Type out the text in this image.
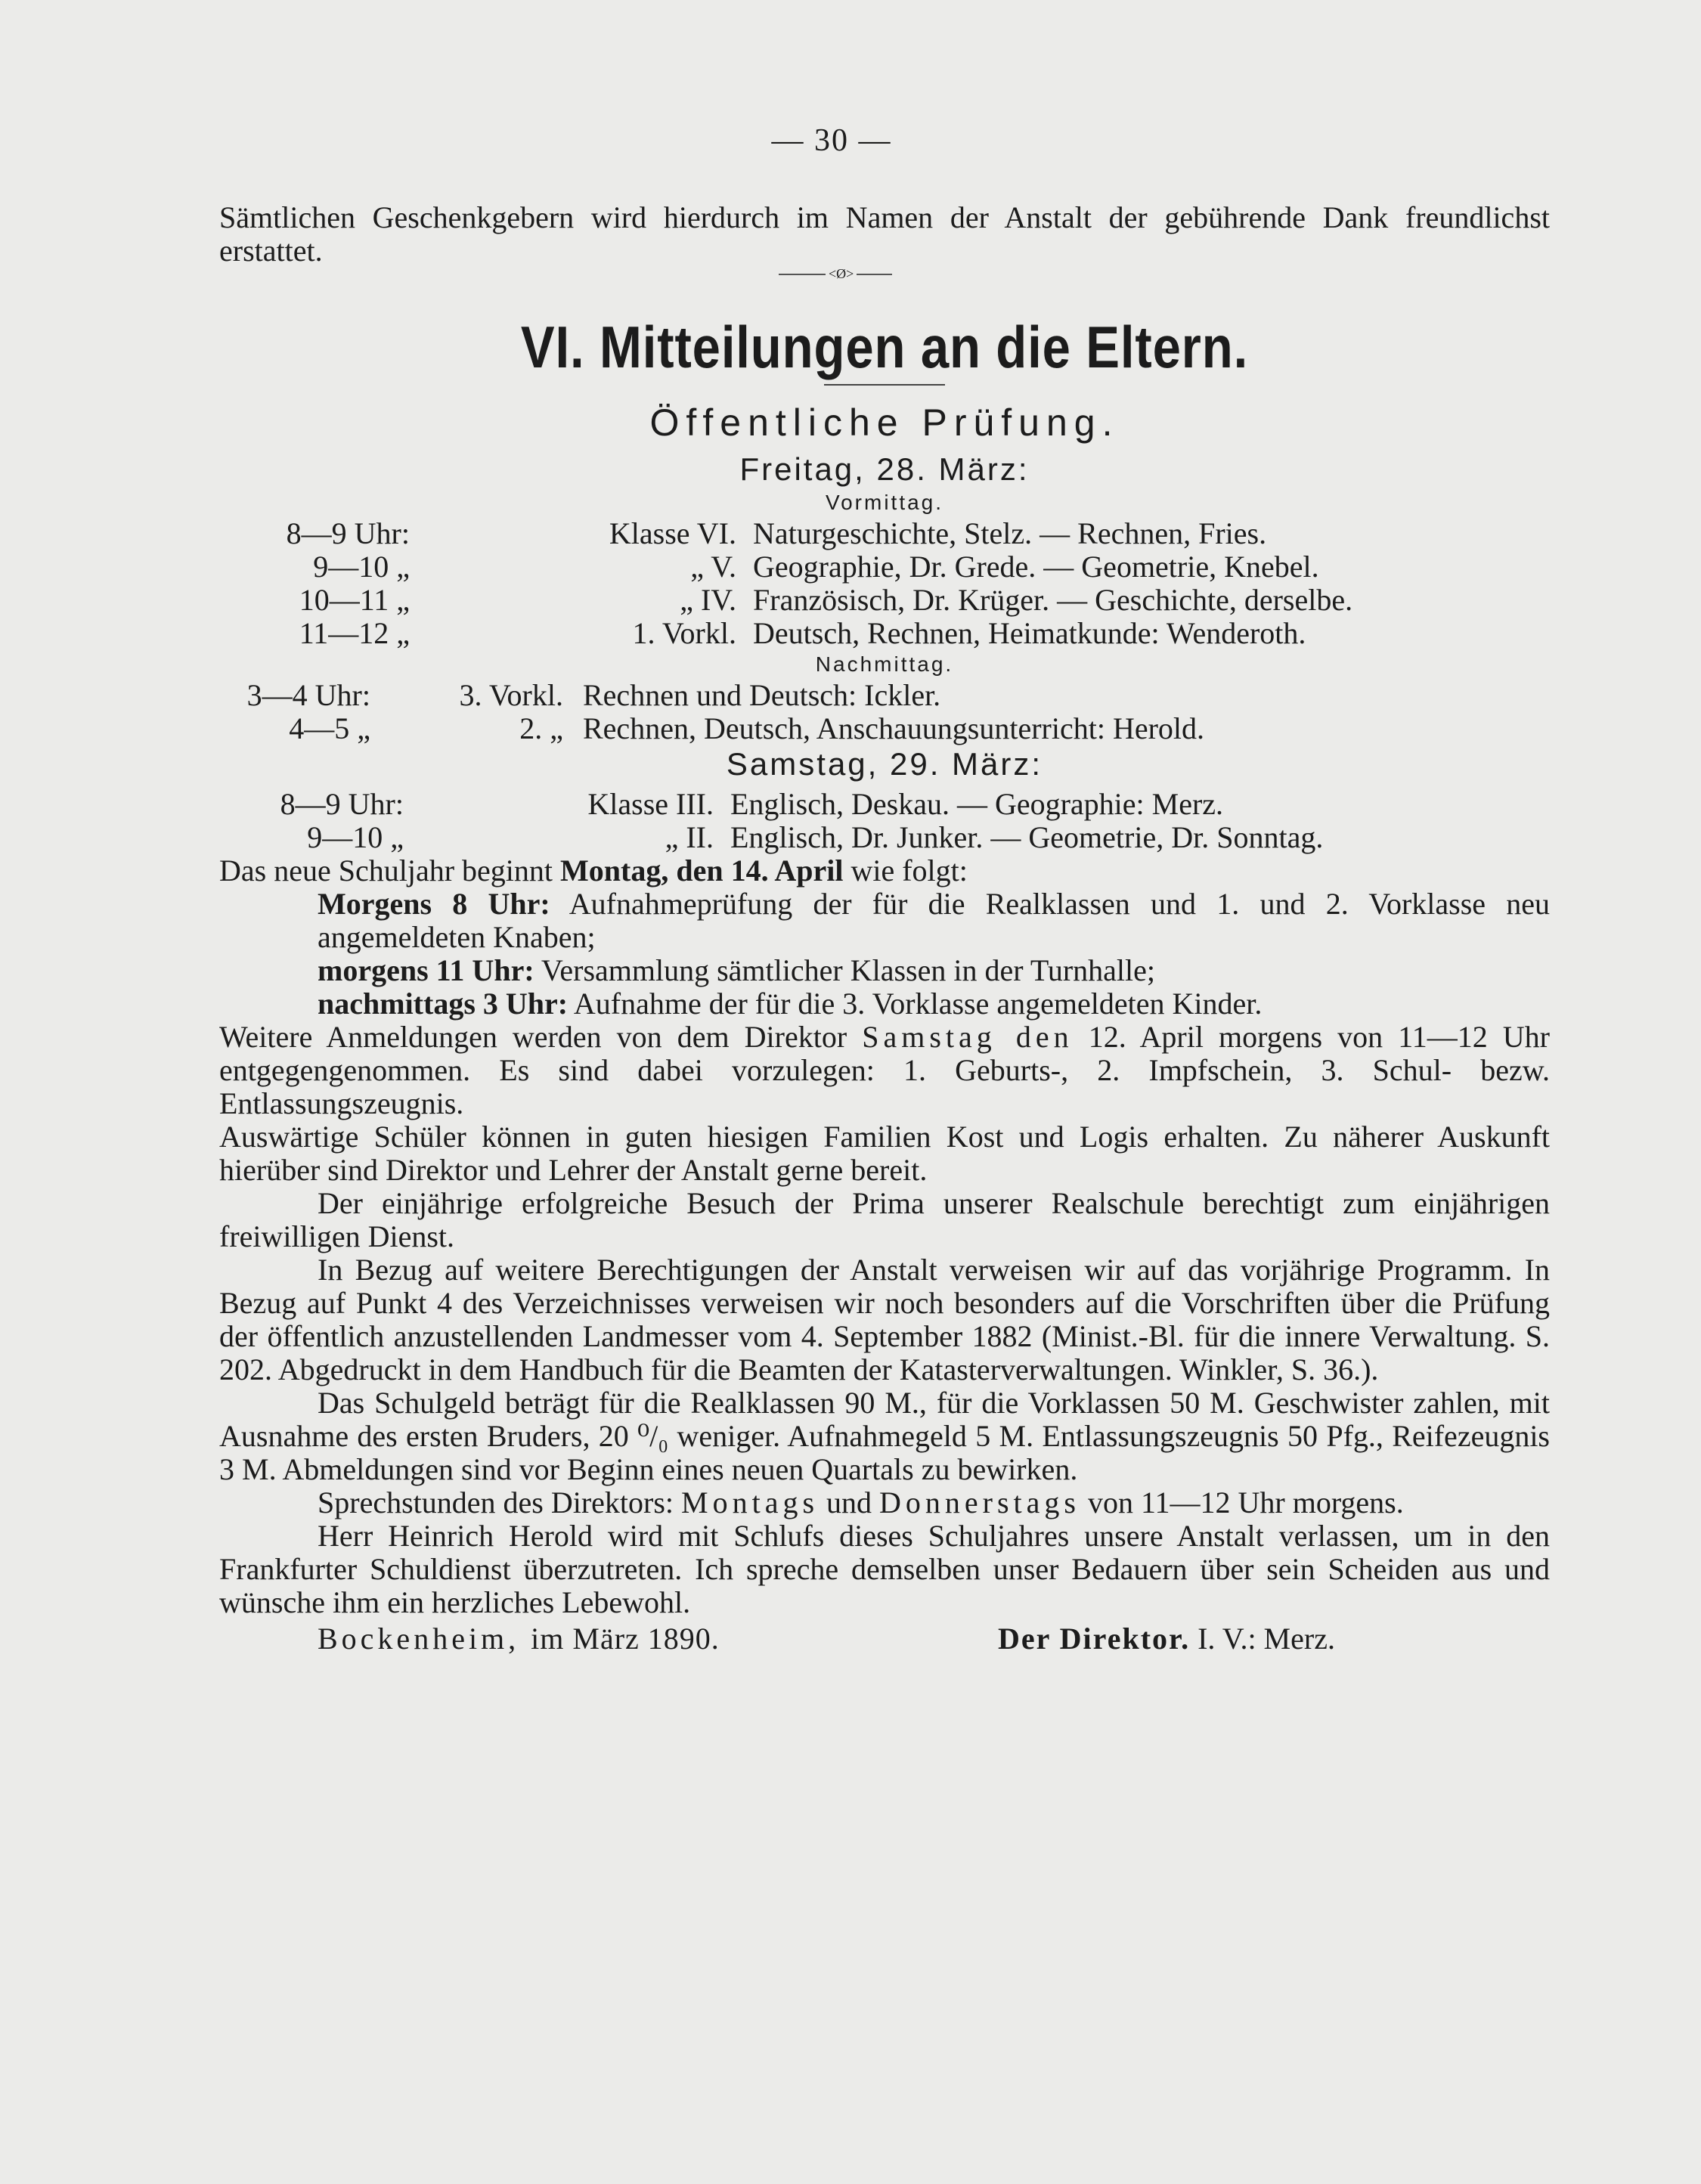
— 30 —

Sämtlichen Geschenkgebern wird hierdurch im Namen der Anstalt der gebührende Dank freundlichst erstattet.

<Ø>
VI. Mitteilungen an die Eltern.
Öffentliche Prüfung.
Freitag, 28. März:
Vormittag.
8—9 Uhr:	Klasse VI. Naturgeschichte, Stelz. — Rechnen, Fries.
9—10 „	„ V. Geographie, Dr. Grede. — Geometrie, Knebel.
10—11 „	„ IV. Französisch, Dr. Krüger. — Geschichte, derselbe.
11—12 „	1. Vorkl. Deutsch, Rechnen, Heimatkunde: Wenderoth.
Nachmittag.
3—4 Uhr:	3. Vorkl. Rechnen und Deutsch: Ickler.
4—5 „	2. „ Rechnen, Deutsch, Anschauungsunterricht: Herold.
Samstag, 29. März:
8—9 Uhr:	Klasse III. Englisch, Deskau. — Geographie: Merz.
9—10 „	„ II. Englisch, Dr. Junker. — Geometrie, Dr. Sonntag.

Das neue Schuljahr beginnt Montag, den 14. April wie folgt:

Morgens 8 Uhr: Aufnahmeprüfung der für die Realklassen und 1. und 2. Vorklasse neu angemeldeten Knaben;

morgens 11 Uhr: Versammlung sämtlicher Klassen in der Turnhalle;

nachmittags 3 Uhr: Aufnahme der für die 3. Vorklasse angemeldeten Kinder.

Weitere Anmeldungen werden von dem Direktor Samstag den 12. April morgens von 11—12 Uhr entgegengenommen. Es sind dabei vorzulegen: 1. Geburts-, 2. Impfschein, 3. Schul- bezw. Entlassungszeugnis.

Auswärtige Schüler können in guten hiesigen Familien Kost und Logis erhalten. Zu näherer Auskunft hierüber sind Direktor und Lehrer der Anstalt gerne bereit.

Der einjährige erfolgreiche Besuch der Prima unserer Realschule berechtigt zum einjährigen freiwilligen Dienst.

In Bezug auf weitere Berechtigungen der Anstalt verweisen wir auf das vorjährige Programm. In Bezug auf Punkt 4 des Verzeichnisses verweisen wir noch besonders auf die Vorschriften über die Prüfung der öffentlich anzustellenden Landmesser vom 4. September 1882 (Minist.-Bl. für die innere Verwaltung. S. 202. Abgedruckt in dem Handbuch für die Beamten der Katasterverwaltungen. Winkler, S. 36.).

Das Schulgeld beträgt für die Realklassen 90 M., für die Vorklassen 50 M. Geschwister zahlen, mit Ausnahme des ersten Bruders, 20 ⁰/₀ weniger. Aufnahmegeld 5 M. Entlassungszeugnis 50 Pfg., Reifezeugnis 3 M. Abmeldungen sind vor Beginn eines neuen Quartals zu bewirken.

Sprechstunden des Direktors: Montags und Donnerstags von 11—12 Uhr morgens.

Herr Heinrich Herold wird mit Schlufs dieses Schuljahres unsere Anstalt verlassen, um in den Frankfurter Schuldienst überzutreten. Ich spreche demselben unser Bedauern über sein Scheiden aus und wünsche ihm ein herzliches Lebewohl.

Bockenheim, im März 1890.	Der Direktor. I. V.: Merz.
